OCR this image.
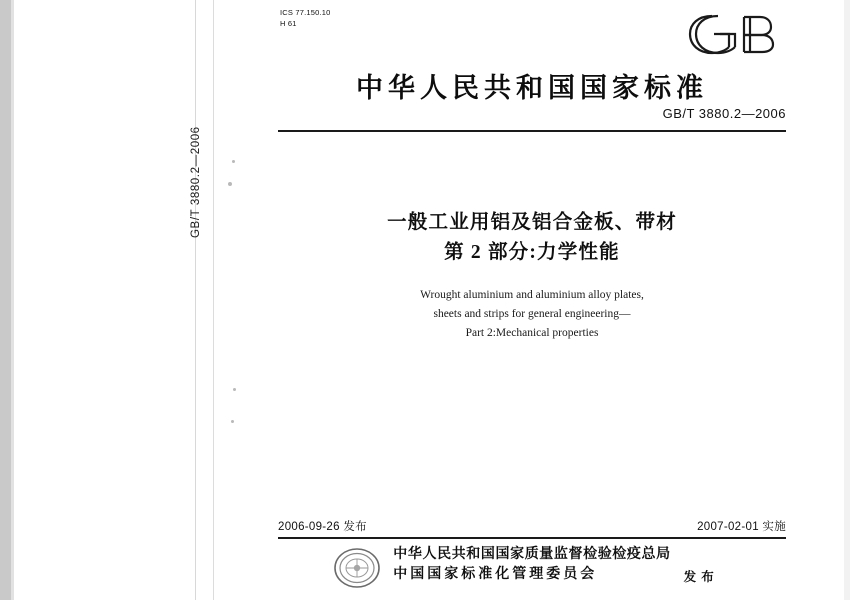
GB/T 3880.2—2006
ICS 77.150.10
H 61
中华人民共和国国家标准
GB/T 3880.2—2006
一般工业用铝及铝合金板、带材
第 2 部分:力学性能
Wrought aluminium and aluminium alloy plates,
sheets and strips for general engineering—
Part 2:Mechanical properties
2006-09-26 发布	2007-02-01 实施
中华人民共和国国家质量监督检验检疫总局
中国国家标准化管理委员会	发 布
